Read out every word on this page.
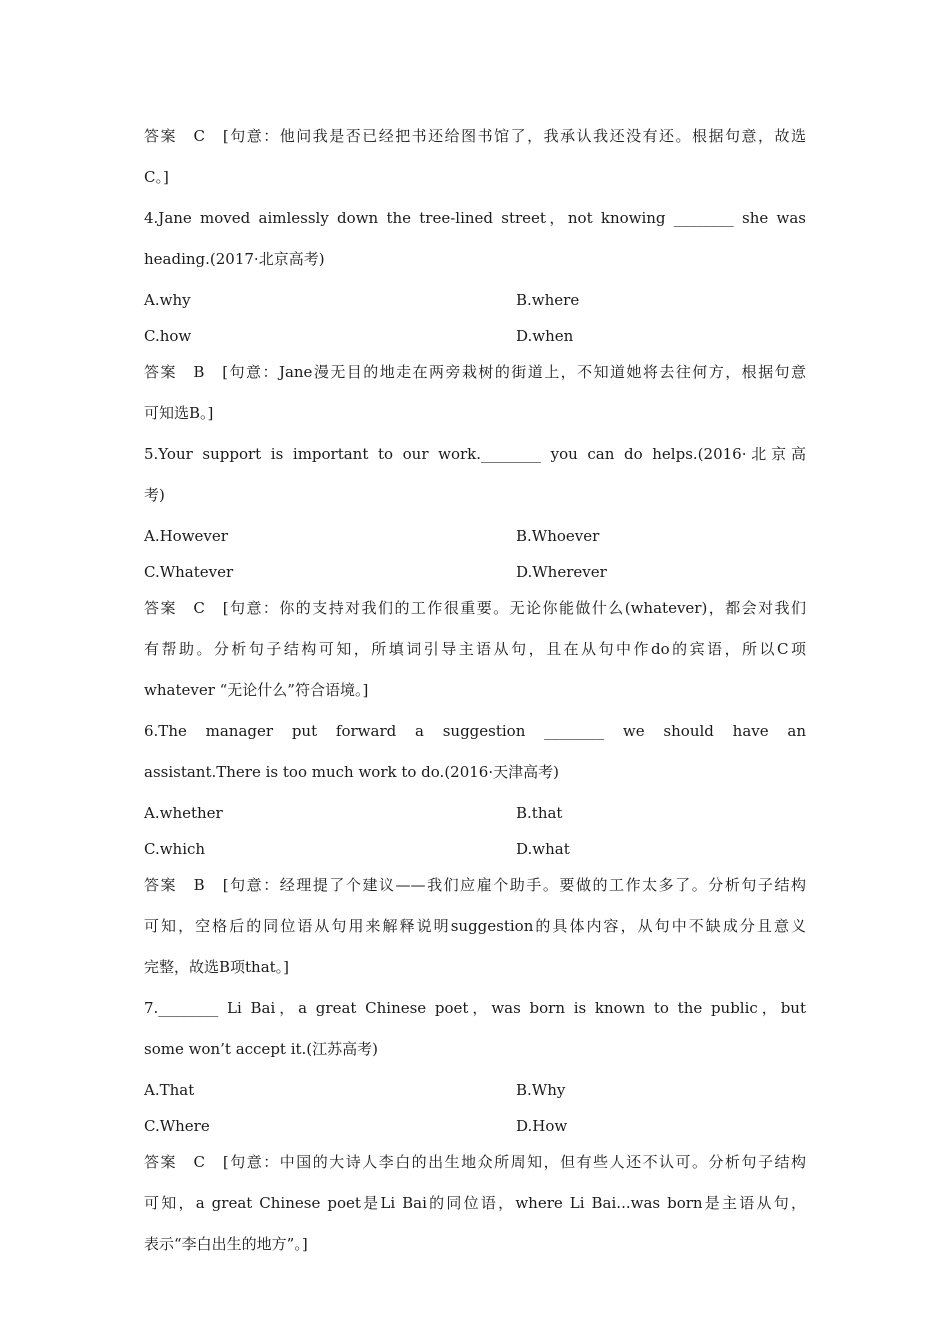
答案　C　[句意：他问我是否已经把书还给图书馆了，我承认我还没有还。根据句意，故选
C。]
4.Jane moved aimlessly down the tree-lined street，not knowing ________ she was
heading.(2017·北京高考)
A.why	B.where
C.how	D.when
答案　B　[句意：Jane漫无目的地走在两旁栽树的街道上，不知道她将去往何方，根据句意
可知选B。]
5.Your support is important to our work.________ you can do helps.(2016·北京高
考)
A.However	B.Whoever
C.Whatever	D.Wherever
答案　C　[句意：你的支持对我们的工作很重要。无论你能做什么(whatever)，都会对我们
有帮助。分析句子结构可知，所填词引导主语从句，且在从句中作do的宾语，所以C项
whatever “无论什么”符合语境。]
6.The manager put forward a suggestion ________ we should have an
assistant.There is too much work to do.(2016·天津高考)
A.whether	B.that
C.which	D.what
答案　B　[句意：经理提了个建议——我们应雇个助手。要做的工作太多了。分析句子结构
可知，空格后的同位语从句用来解释说明suggestion的具体内容，从句中不缺成分且意义
完整，故选B项that。]
7.________ Li Bai，a great Chinese poet，was born is known to the public，but
some won’t accept it.(江苏高考)
A.That	B.Why
C.Where	D.How
答案　C　[句意：中国的大诗人李白的出生地众所周知，但有些人还不认可。分析句子结构
可知，a great Chinese poet是Li Bai的同位语，where Li Bai...was born是主语从句，
表示“李白出生的地方”。]
